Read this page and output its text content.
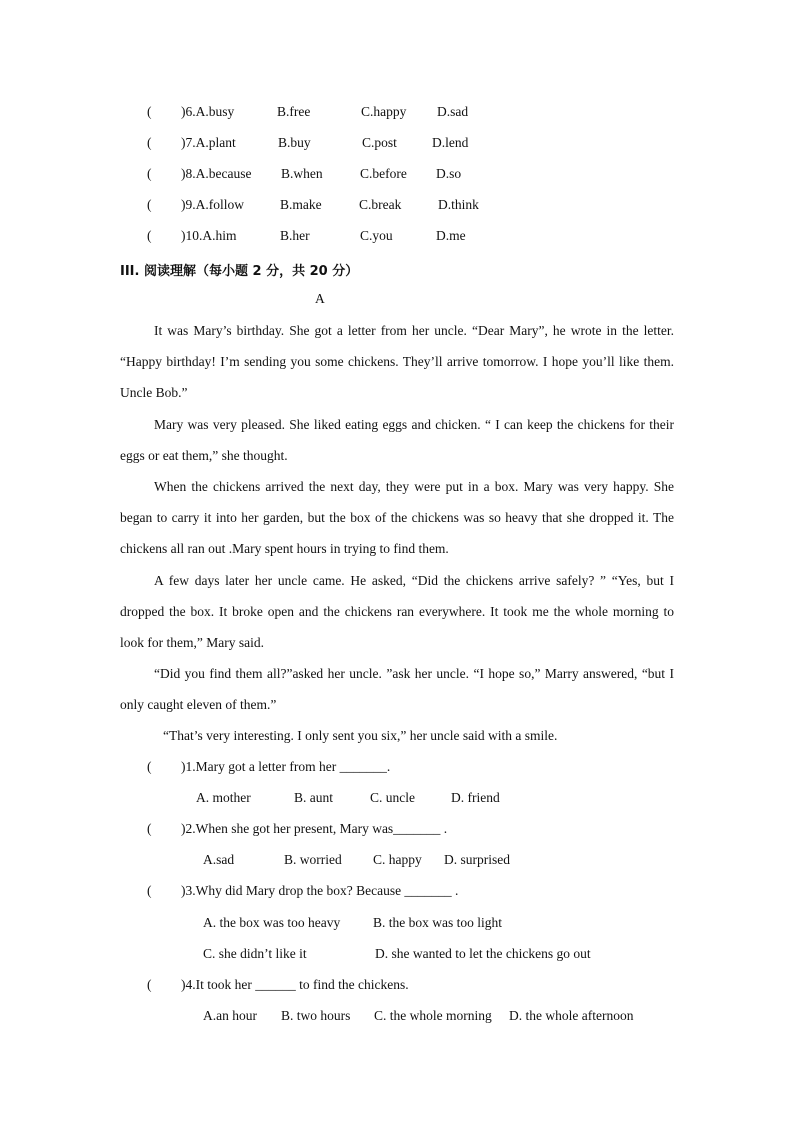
( )6.A.busy	B.free	C.happy D.sad
( )7.A.plant	B.buy	C.post	D.lend
( )8.A.because B.when	C.before D.so
( )9.A.follow	B.make	C.break	D.think
( )10.A.him	B.her	C.you	D.me
III. 阅读理解（每小题 2 分，共 20 分）
A
It was Mary’s birthday. She got a letter from her uncle. “Dear Mary”, he wrote in the letter. “Happy birthday! I’m sending you some chickens. They’ll arrive tomorrow. I hope you’ll like them. Uncle Bob.”
Mary was very pleased. She liked eating eggs and chicken. “ I can keep the chickens for their eggs or eat them,” she thought.
When the chickens arrived the next day, they were put in a box. Mary was very happy. She began to carry it into her garden, but the box of the chickens was so heavy that she dropped it. The chickens all ran out .Mary spent hours in trying to find them.
A few days later her uncle came. He asked, “Did the chickens arrive safely? ” “Yes, but I dropped the box. It broke open and the chickens ran everywhere. It took me the whole morning to look for them,” Mary said.
“Did you find them all?”asked her uncle. ”ask her uncle. “I hope so,” Marry answered, “but I only caught eleven of them.”
“That’s very interesting. I only sent you six,” her uncle said with a smile.
( )1.Mary got a letter from her _______.
A. mother	B. aunt	C. uncle	D. friend
( )2.When she got her present, Mary was_______ .
A.sad	B. worried C. happy D. surprised
( )3.Why did Mary drop the box? Because _______ .
A. the box was too heavy B. the box was too light
C. she didn’t like it	D. she wanted to let the chickens go out
( )4.It took her ______ to find the chickens.
A.an hour B. two hours C. the whole morning D. the whole afternoon
